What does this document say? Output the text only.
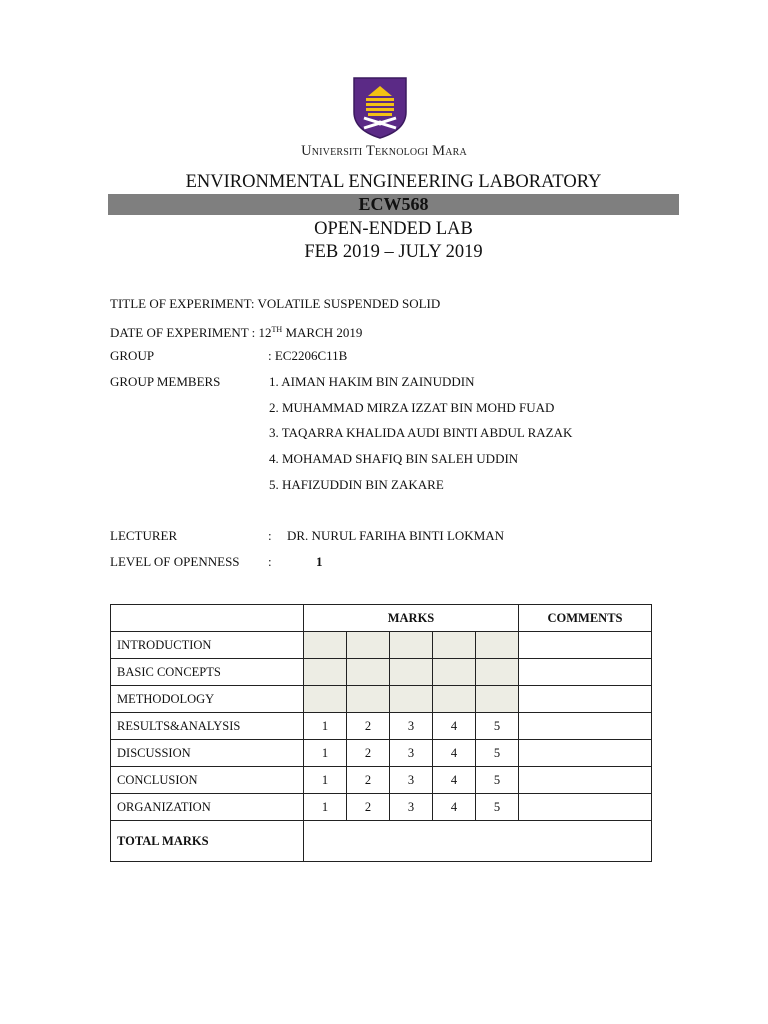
Universiti Teknologi Mara
ENVIRONMENTAL ENGINEERING LABORATORY
ECW568
OPEN-ENDED LAB
FEB 2019 – JULY 2019
TITLE OF EXPERIMENT: VOLATILE SUSPENDED SOLID
DATE OF EXPERIMENT : 12TH MARCH 2019
GROUP	: EC2206C11B
GROUP MEMBERS	1. AIMAN HAKIM BIN ZAINUDDIN
2. MUHAMMAD MIRZA IZZAT BIN MOHD FUAD
3. TAQARRA KHALIDA AUDI BINTI ABDUL RAZAK
4. MOHAMAD SHAFIQ BIN SALEH UDDIN
5. HAFIZUDDIN BIN ZAKARE
LECTURER	: DR. NURUL FARIHA BINTI LOKMAN
LEVEL OF OPENNESS :	1
	MARKS					COMMENTS
INTRODUCTION						
BASIC CONCEPTS						
METHODOLOGY						
RESULTS&ANALYSIS	1	2	3	4	5	
DISCUSSION	1	2	3	4	5	
CONCLUSION	1	2	3	4	5	
ORGANIZATION	1	2	3	4	5	
TOTAL MARKS						
